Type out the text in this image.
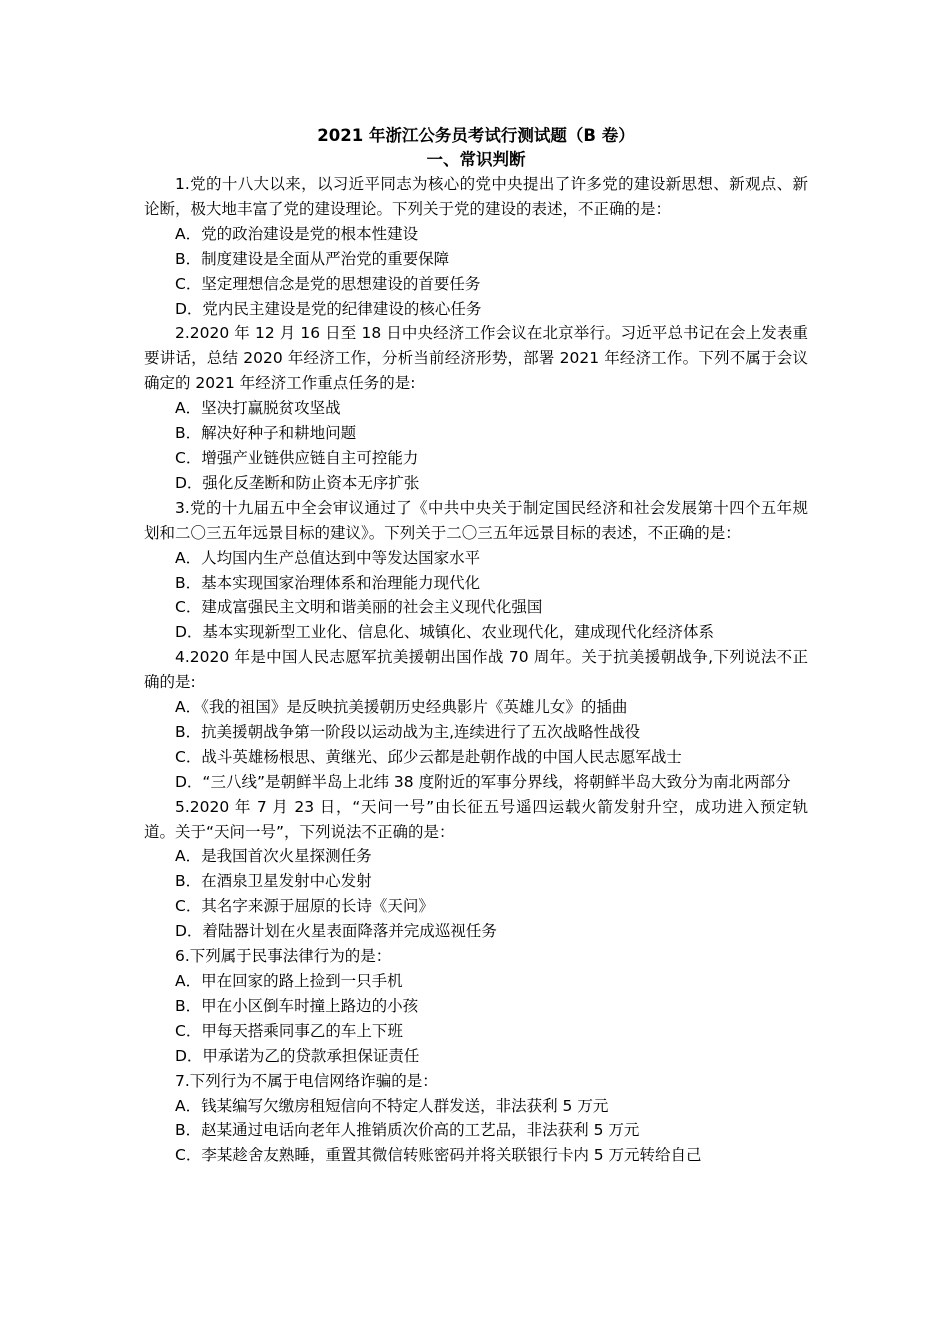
2021 年浙江公务员考试行测试题（B 卷）
一、常识判断

1.党的十八大以来，以习近平同志为核心的党中央提出了许多党的建设新思想、新观点、新论断，极大地丰富了党的建设理论。下列关于党的建设的表述，不正确的是：

A．党的政治建设是党的根本性建设

B．制度建设是全面从严治党的重要保障

C．坚定理想信念是党的思想建设的首要任务

D．党内民主建设是党的纪律建设的核心任务

2.2020 年 12 月 16 日至 18 日中央经济工作会议在北京举行。习近平总书记在会上发表重要讲话，总结 2020 年经济工作，分析当前经济形势，部署 2021 年经济工作。下列不属于会议确定的 2021 年经济工作重点任务的是:

A．坚决打赢脱贫攻坚战

B．解决好种子和耕地问题

C．增强产业链供应链自主可控能力

D．强化反垄断和防止资本无序扩张

3.党的十九届五中全会审议通过了《中共中央关于制定国民经济和社会发展第十四个五年规划和二〇三五年远景目标的建议》。下列关于二〇三五年远景目标的表述，不正确的是：

A．人均国内生产总值达到中等发达国家水平

B．基本实现国家治理体系和治理能力现代化

C．建成富强民主文明和谐美丽的社会主义现代化强国

D．基本实现新型工业化、信息化、城镇化、农业现代化，建成现代化经济体系

4.2020 年是中国人民志愿军抗美援朝出国作战 70 周年。关于抗美援朝战争,下列说法不正确的是:

A．《我的祖国》是反映抗美援朝历史经典影片《英雄儿女》的插曲

B．抗美援朝战争第一阶段以运动战为主,连续进行了五次战略性战役

C．战斗英雄杨根思、黄继光、邱少云都是赴朝作战的中国人民志愿军战士

D．“三八线”是朝鲜半岛上北纬 38 度附近的军事分界线，将朝鲜半岛大致分为南北两部分

5.2020 年 7 月 23 日，“天问一号”由长征五号遥四运载火箭发射升空，成功进入预定轨道。关于“天问一号”，下列说法不正确的是：

A．是我国首次火星探测任务

B．在酒泉卫星发射中心发射

C．其名字来源于屈原的长诗《天问》

D．着陆器计划在火星表面降落并完成巡视任务

6.下列属于民事法律行为的是：

A．甲在回家的路上捡到一只手机

B．甲在小区倒车时撞上路边的小孩

C．甲每天搭乘同事乙的车上下班

D．甲承诺为乙的贷款承担保证责任

7.下列行为不属于电信网络诈骗的是：

A．钱某编写欠缴房租短信向不特定人群发送，非法获利 5 万元

B．赵某通过电话向老年人推销质次价高的工艺品，非法获利 5 万元

C．李某趁舍友熟睡，重置其微信转账密码并将关联银行卡内 5 万元转给自己
